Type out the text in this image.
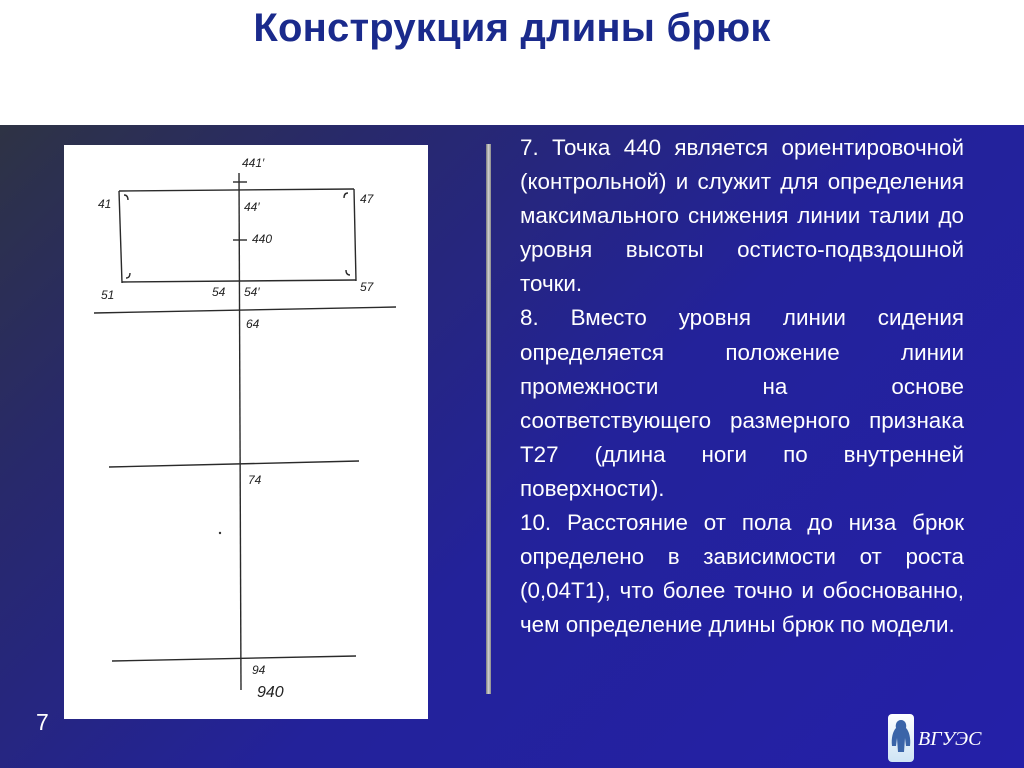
Конструкция длины брюк
441′
41	44′
440
47
51	54 54′	57
64
74
94
940

7. Точка 440 является ориентировочной (контрольной) и служит для определения максимального снижения линии талии до уровня высоты остисто-подвздошной точки.

8. Вместо уровня линии сидения определяется положение линии промежности на основе соответствующего размерного признака Т27 (длина ноги по внутренней поверхности).

10. Расстояние от пола до низа брюк определено в зависимости от роста (0,04Т1), что более точно и обоснованно, чем определение длины брюк по модели.

7
ВГУЭС
